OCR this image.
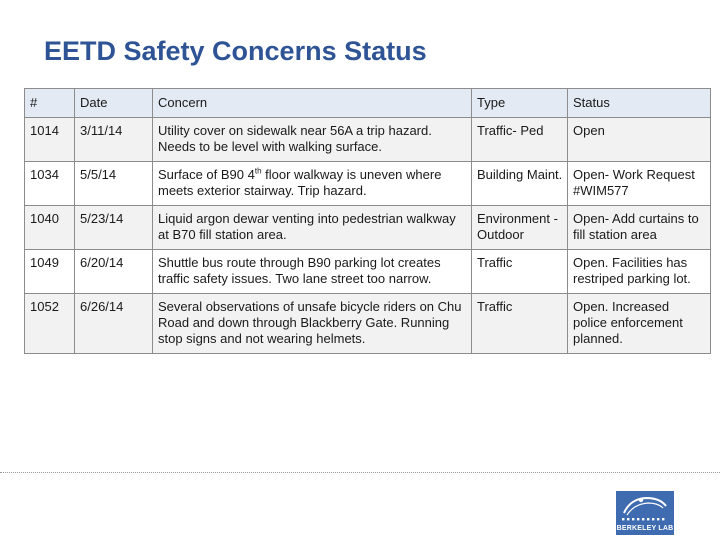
EETD Safety Concerns Status
#	Date	Concern	Type	Status
1014	3/11/14	Utility cover on sidewalk near 56A a trip hazard. Needs to be level with walking surface.	Traffic- Ped	Open
1034	5/5/14	Surface of B90 4th floor walkway is uneven where meets exterior stairway. Trip hazard.	Building Maint.	Open- Work Request #WIM577
1040	5/23/14	Liquid argon dewar venting into pedestrian walkway at B70 fill station area.	Environment - Outdoor	Open- Add curtains to fill station area
1049	6/20/14	Shuttle bus route through B90 parking lot creates traffic safety issues. Two lane street too narrow.	Traffic	Open. Facilities has restriped parking lot.
1052	6/26/14	Several observations of unsafe bicycle riders on Chu Road and down through Blackberry Gate. Running stop signs and not wearing helmets.	Traffic	Open. Increased police enforcement planned.
BERKELEY LAB
